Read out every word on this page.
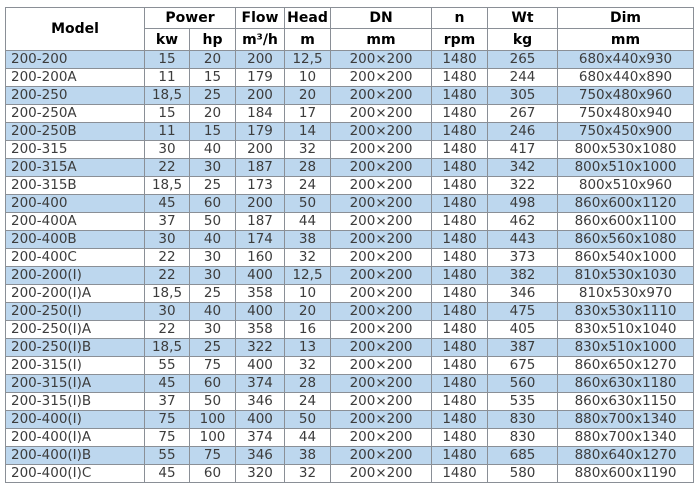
Model	Power		Flow	Head	DN	n	Wt	Dim
	kw	hp	m³/h	m	mm	rpm	kg	mm
200-200	15	20	200	12,5	200×200	1480	265	680x440x930
200-200A	11	15	179	10	200×200	1480	244	680x440x890
200-250	18,5	25	200	20	200×200	1480	305	750x480x960
200-250A	15	20	184	17	200×200	1480	267	750x480x940
200-250B	11	15	179	14	200×200	1480	246	750x450x900
200-315	30	40	200	32	200×200	1480	417	800x530x1080
200-315A	22	30	187	28	200×200	1480	342	800x510x1000
200-315B	18,5	25	173	24	200×200	1480	322	800x510x960
200-400	45	60	200	50	200×200	1480	498	860x600x1120
200-400A	37	50	187	44	200×200	1480	462	860x600x1100
200-400B	30	40	174	38	200×200	1480	443	860x560x1080
200-400C	22	30	160	32	200×200	1480	373	860x540x1000
200-200(I)	22	30	400	12,5	200×200	1480	382	810x530x1030
200-200(I)A	18,5	25	358	10	200×200	1480	346	810x530x970
200-250(I)	30	40	400	20	200×200	1480	475	830x530x1110
200-250(I)A	22	30	358	16	200×200	1480	405	830x510x1040
200-250(I)B	18,5	25	322	13	200×200	1480	387	830x510x1000
200-315(I)	55	75	400	32	200×200	1480	675	860x650x1270
200-315(I)A	45	60	374	28	200×200	1480	560	860x630x1180
200-315(I)B	37	50	346	24	200×200	1480	535	860x630x1150
200-400(I)	75	100	400	50	200×200	1480	830	880x700x1340
200-400(I)A	75	100	374	44	200×200	1480	830	880x700x1340
200-400(I)B	55	75	346	38	200×200	1480	685	880x640x1270
200-400(I)C	45	60	320	32	200×200	1480	580	880x600x1190
